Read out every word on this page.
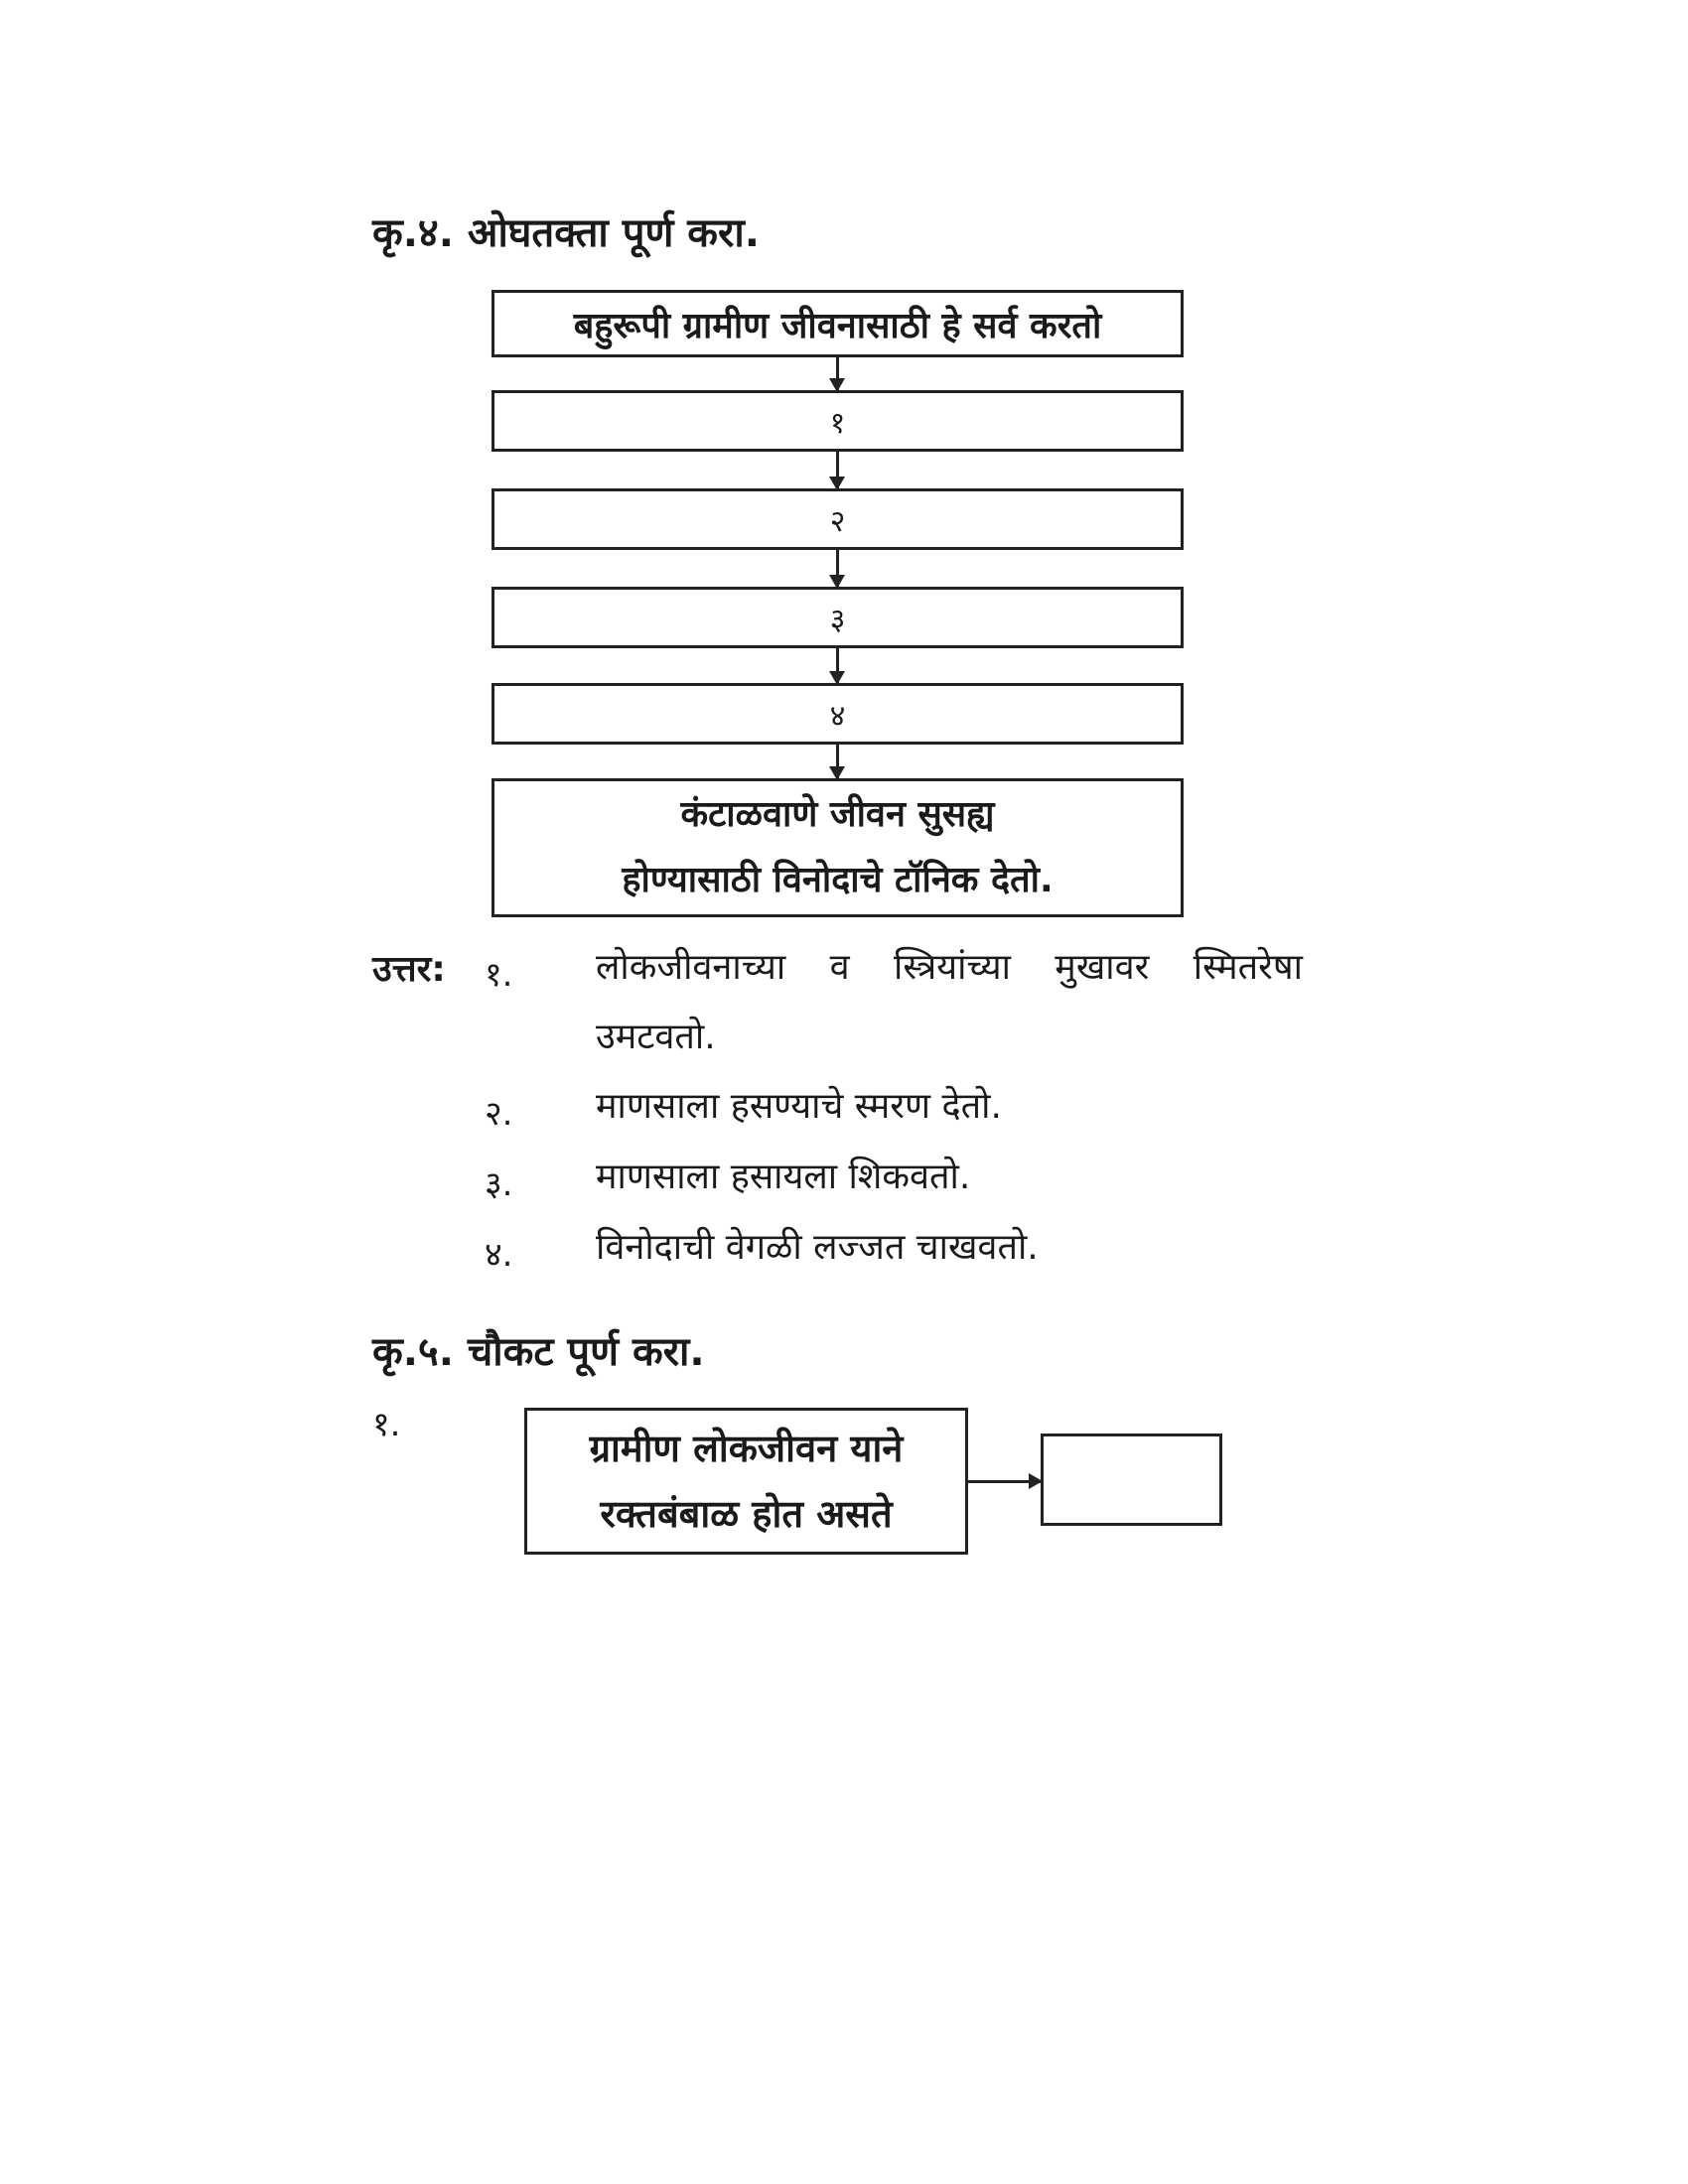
कृ.४. ओघतक्ता पूर्ण करा.
बहुरूपी ग्रामीण जीवनासाठी हे सर्व करतो
१
२
३
४
कंटाळवाणे जीवन सुसह्य
होण्यासाठी विनोदाचे टॉनिक देतो.
उत्तर: १. लोकजीवनाच्या व स्त्रियांच्या मुखावर स्मितरेषा उमटवतो.
२. माणसाला हसण्याचे स्मरण देतो.
३. माणसाला हसायला शिकवतो.
४. विनोदाची वेगळी लज्जत चाखवतो.
कृ.५. चौकट पूर्ण करा.
१.
ग्रामीण लोकजीवन याने
रक्तबंबाळ होत असते
